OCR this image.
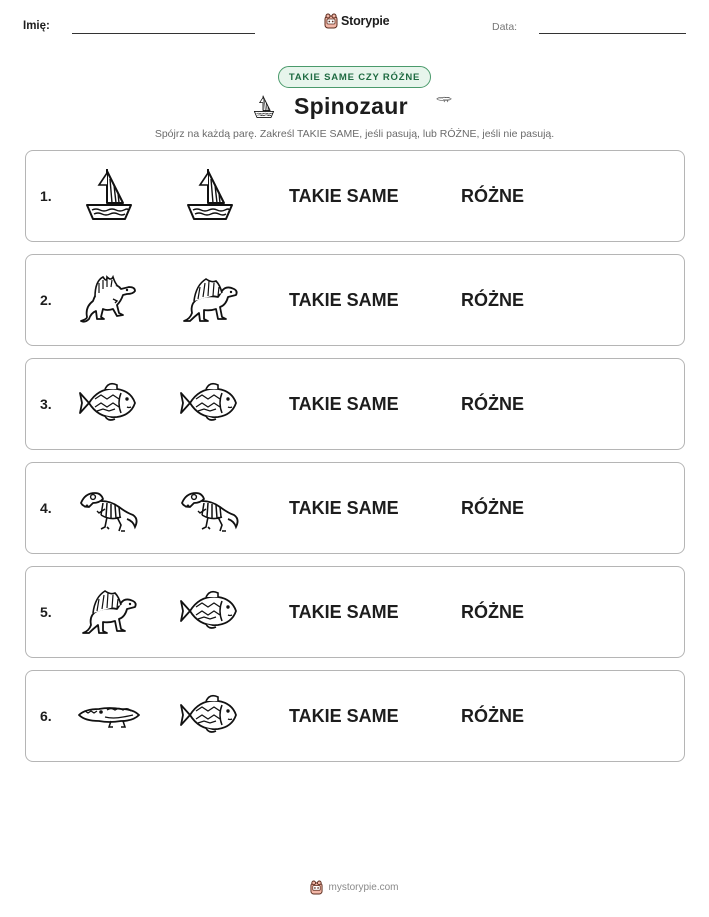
Imię:	Storypie	Data:
TAKIE SAME CZY RÓŻNE
Spinozaur
Spójrz na każdą parę. Zakreśl TAKIE SAME, jeśli pasują, lub RÓŻNE, jeśli nie pasują.
1.	TAKIE SAME	RÓŻNE
2.	TAKIE SAME	RÓŻNE
3.	TAKIE SAME	RÓŻNE
4.	TAKIE SAME	RÓŻNE
5.	TAKIE SAME	RÓŻNE
6.	TAKIE SAME	RÓŻNE
mystorypie.com
